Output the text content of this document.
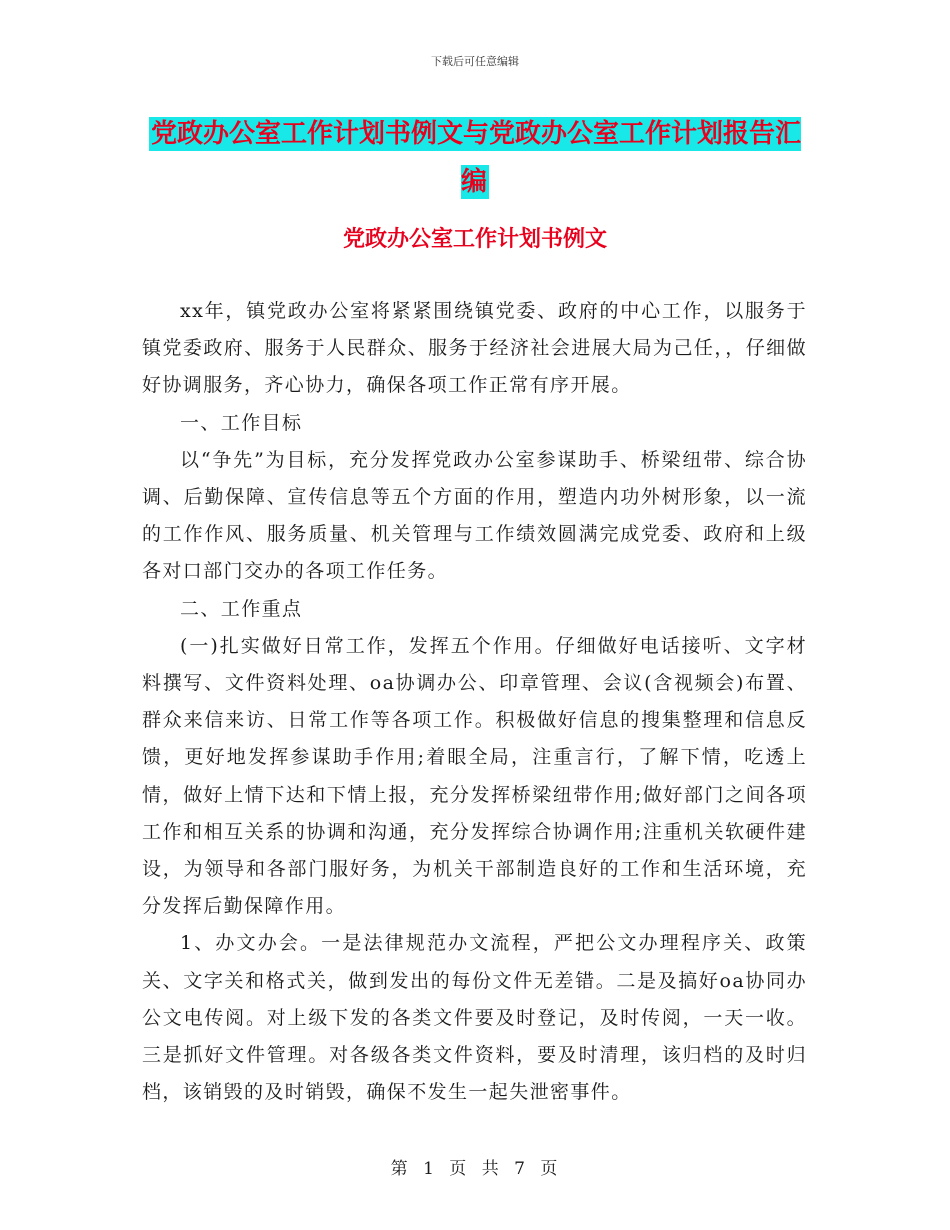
下载后可任意编辑
党政办公室工作计划书例文与党政办公室工作计划报告汇编
党政办公室工作计划书例文

xx年，镇党政办公室将紧紧围绕镇党委、政府的中心工作，以服务于镇党委政府、服务于人民群众、服务于经济社会进展大局为己任，，仔细做好协调服务，齐心协力，确保各项工作正常有序开展。

一、工作目标

以“争先”为目标，充分发挥党政办公室参谋助手、桥梁纽带、综合协调、后勤保障、宣传信息等五个方面的作用，塑造内功外树形象，以一流的工作作风、服务质量、机关管理与工作绩效圆满完成党委、政府和上级各对口部门交办的各项工作任务。

二、工作重点

(一)扎实做好日常工作，发挥五个作用。仔细做好电话接听、文字材料撰写、文件资料处理、oa协调办公、印章管理、会议(含视频会)布置、群众来信来访、日常工作等各项工作。积极做好信息的搜集整理和信息反馈，更好地发挥参谋助手作用;着眼全局，注重言行，了解下情，吃透上情，做好上情下达和下情上报，充分发挥桥梁纽带作用;做好部门之间各项工作和相互关系的协调和沟通，充分发挥综合协调作用;注重机关软硬件建设，为领导和各部门服好务，为机关干部制造良好的工作和生活环境，充分发挥后勤保障作用。

1、办文办会。一是法律规范办文流程，严把公文办理程序关、政策关、文字关和格式关，做到发出的每份文件无差错。二是及搞好oa协同办公文电传阅。对上级下发的各类文件要及时登记，及时传阅，一天一收。三是抓好文件管理。对各级各类文件资料，要及时清理，该归档的及时归档，该销毁的及时销毁，确保不发生一起失泄密事件。

第 1 页 共 7 页
